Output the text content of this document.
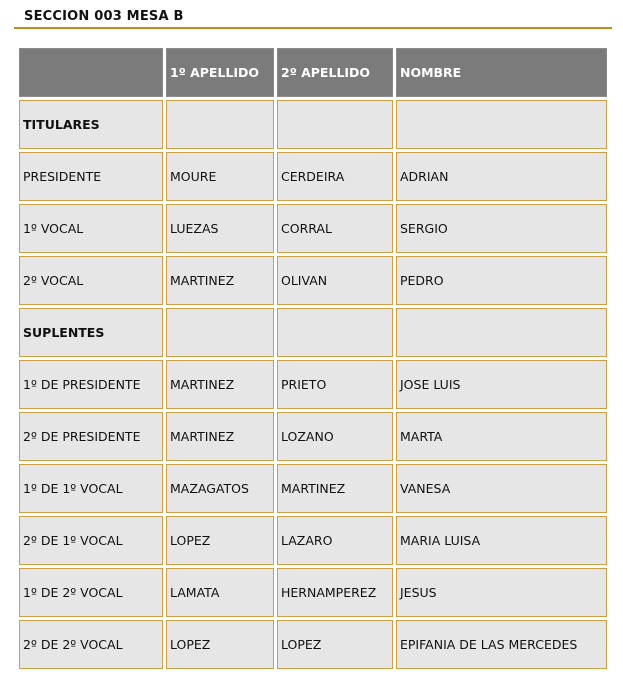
SECCION 003 MESA B
	1º APELLIDO	2º APELLIDO	NOMBRE
TITULARES			
PRESIDENTE	MOURE	CERDEIRA	ADRIAN
1º VOCAL	LUEZAS	CORRAL	SERGIO
2º VOCAL	MARTINEZ	OLIVAN	PEDRO
SUPLENTES			
1º DE PRESIDENTE	MARTINEZ	PRIETO	JOSE LUIS
2º DE PRESIDENTE	MARTINEZ	LOZANO	MARTA
1º DE 1º VOCAL	MAZAGATOS	MARTINEZ	VANESA
2º DE 1º VOCAL	LOPEZ	LAZARO	MARIA LUISA
1º DE 2º VOCAL	LAMATA	HERNAMPEREZ	JESUS
2º DE 2º VOCAL	LOPEZ	LOPEZ	EPIFANIA DE LAS MERCEDES
